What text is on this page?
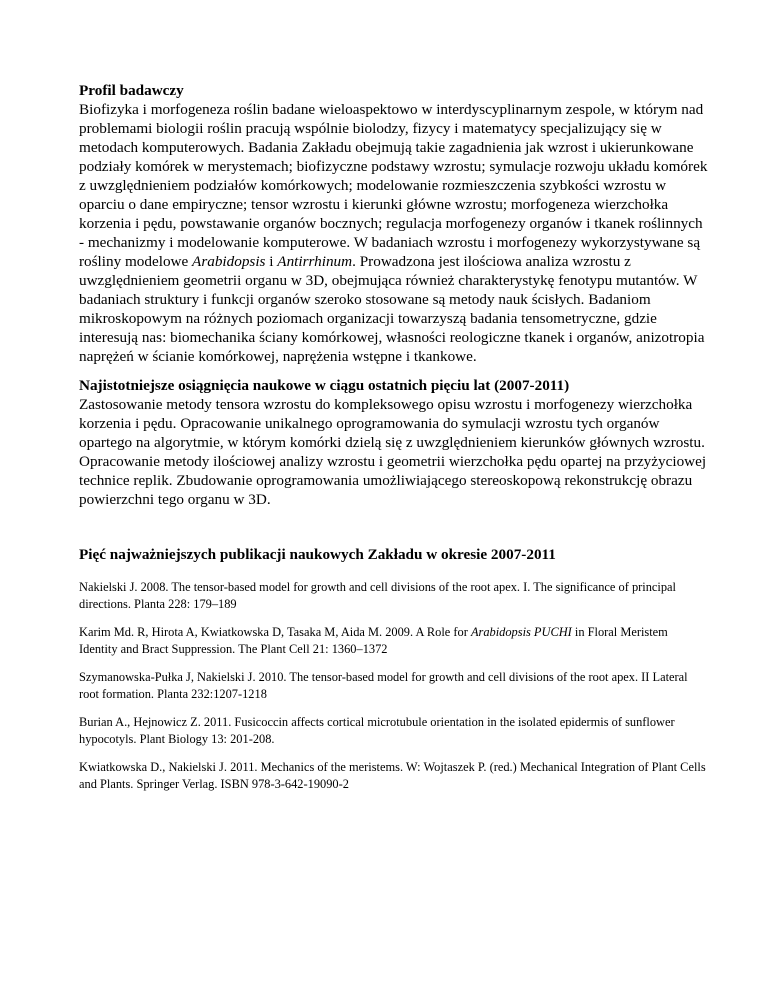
Profil badawczy

Biofizyka i morfogeneza roślin badane wieloaspektowo w interdyscyplinarnym zespole, w którym nad problemami biologii roślin pracują wspólnie biolodzy, fizycy i matematycy specjalizujący się w metodach komputerowych. Badania Zakładu obejmują takie zagadnienia jak wzrost i ukierunkowane podziały komórek w merystemach; biofizyczne podstawy wzrostu; symulacje rozwoju układu komórek z uwzględnieniem podziałów komórkowych; modelowanie rozmieszczenia szybkości wzrostu w oparciu o dane empiryczne; tensor wzrostu i kierunki główne wzrostu; morfogeneza wierzchołka korzenia i pędu, powstawanie organów bocznych; regulacja morfogenezy organów i tkanek roślinnych - mechanizmy i modelowanie komputerowe. W badaniach wzrostu i morfogenezy wykorzystywane są rośliny modelowe Arabidopsis i Antirrhinum. Prowadzona jest ilościowa analiza wzrostu z uwzględnieniem geometrii organu w 3D, obejmująca również charakterystykę fenotypu mutantów. W badaniach struktury i funkcji organów szeroko stosowane są metody nauk ścisłych. Badaniom mikroskopowym na różnych poziomach organizacji towarzyszą badania tensometryczne, gdzie interesują nas: biomechanika ściany komórkowej, własności reologiczne tkanek i organów, anizotropia naprężeń w ścianie komórkowej, naprężenia wstępne i tkankowe.

Najistotniejsze osiągnięcia naukowe w ciągu ostatnich pięciu lat (2007-2011)

Zastosowanie metody tensora wzrostu do kompleksowego opisu wzrostu i morfogenezy wierzchołka korzenia i pędu. Opracowanie unikalnego oprogramowania do symulacji wzrostu tych organów opartego na algorytmie, w którym komórki dzielą się z uwzględnieniem kierunków głównych wzrostu. Opracowanie metody ilościowej analizy wzrostu i geometrii wierzchołka pędu opartej na przyżyciowej technice replik. Zbudowanie oprogramowania umożliwiającego stereoskopową rekonstrukcję obrazu powierzchni tego organu w 3D.

Pięć najważniejszych publikacji naukowych Zakładu w okresie 2007-2011

Nakielski J. 2008. The tensor-based model for growth and cell divisions of the root apex. I. The significance of principal directions. Planta 228: 179–189

Karim Md. R, Hirota A, Kwiatkowska D, Tasaka M, Aida M. 2009. A Role for Arabidopsis PUCHI in Floral Meristem Identity and Bract Suppression. The Plant Cell 21: 1360–1372

Szymanowska-Pułka J, Nakielski J. 2010. The tensor-based model for growth and cell divisions of the root apex. II Lateral root formation. Planta 232:1207-1218

Burian A., Hejnowicz Z. 2011. Fusicoccin affects cortical microtubule orientation in the isolated epidermis of sunflower hypocotyls. Plant Biology 13: 201-208.

Kwiatkowska D., Nakielski J. 2011. Mechanics of the meristems. W: Wojtaszek P. (red.) Mechanical Integration of Plant Cells and Plants. Springer Verlag. ISBN 978-3-642-19090-2
